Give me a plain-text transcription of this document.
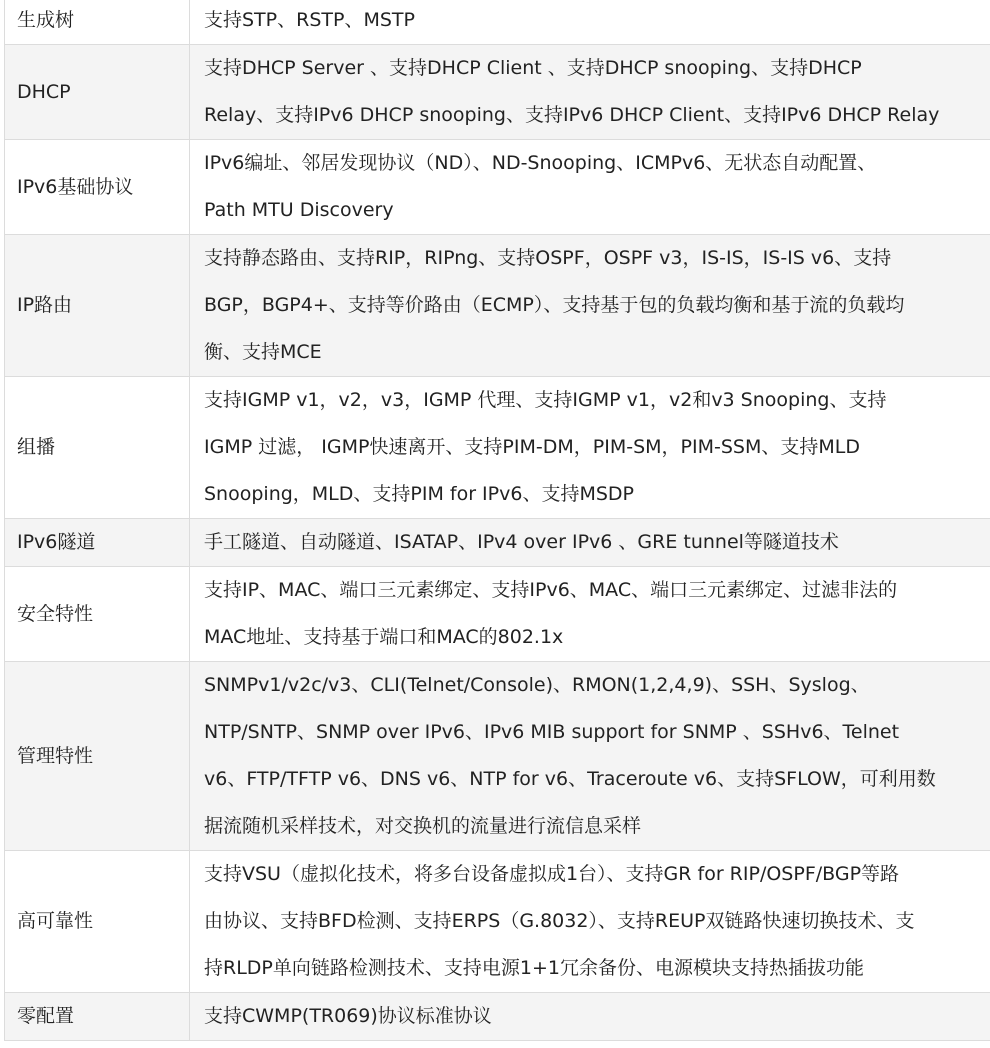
生成树	支持STP、RSTP、MSTP

DHCP	支持DHCP Server 、支持DHCP Client 、支持DHCP snooping、支持DHCP
Relay、支持IPv6 DHCP snooping、支持IPv6 DHCP Client、支持IPv6 DHCP Relay

IPv6基础协议	IPv6编址、邻居发现协议（ND）、ND-Snooping、ICMPv6、无状态自动配置、
Path MTU Discovery

IP路由	支持静态路由、支持RIP，RIPng、支持OSPF，OSPF v3，IS-IS，IS-IS v6、支持
BGP，BGP4+、支持等价路由（ECMP）、支持基于包的负载均衡和基于流的负载均
衡、支持MCE

组播	支持IGMP v1，v2，v3，IGMP 代理、支持IGMP v1，v2和v3 Snooping、支持
IGMP 过滤， IGMP快速离开、支持PIM-DM，PIM-SM，PIM-SSM、支持MLD
Snooping，MLD、支持PIM for IPv6、支持MSDP

IPv6隧道	手工隧道、自动隧道、ISATAP、IPv4 over IPv6 、GRE tunnel等隧道技术

安全特性	支持IP、MAC、端口三元素绑定、支持IPv6、MAC、端口三元素绑定、过滤非法的
MAC地址、支持基于端口和MAC的802.1x

管理特性	SNMPv1/v2c/v3、CLI(Telnet/Console)、RMON(1,2,4,9)、SSH、Syslog、
NTP/SNTP、SNMP over IPv6、IPv6 MIB support for SNMP 、SSHv6、Telnet
v6、FTP/TFTP v6、DNS v6、NTP for v6、Traceroute v6、支持SFLOW，可利用数
据流随机采样技术，对交换机的流量进行流信息采样

高可靠性	支持VSU（虚拟化技术，将多台设备虚拟成1台）、支持GR for RIP/OSPF/BGP等路
由协议、支持BFD检测、支持ERPS（G.8032）、支持REUP双链路快速切换技术、支
持RLDP单向链路检测技术、支持电源1+1冗余备份、电源模块支持热插拔功能

零配置	支持CWMP(TR069)协议标准协议
